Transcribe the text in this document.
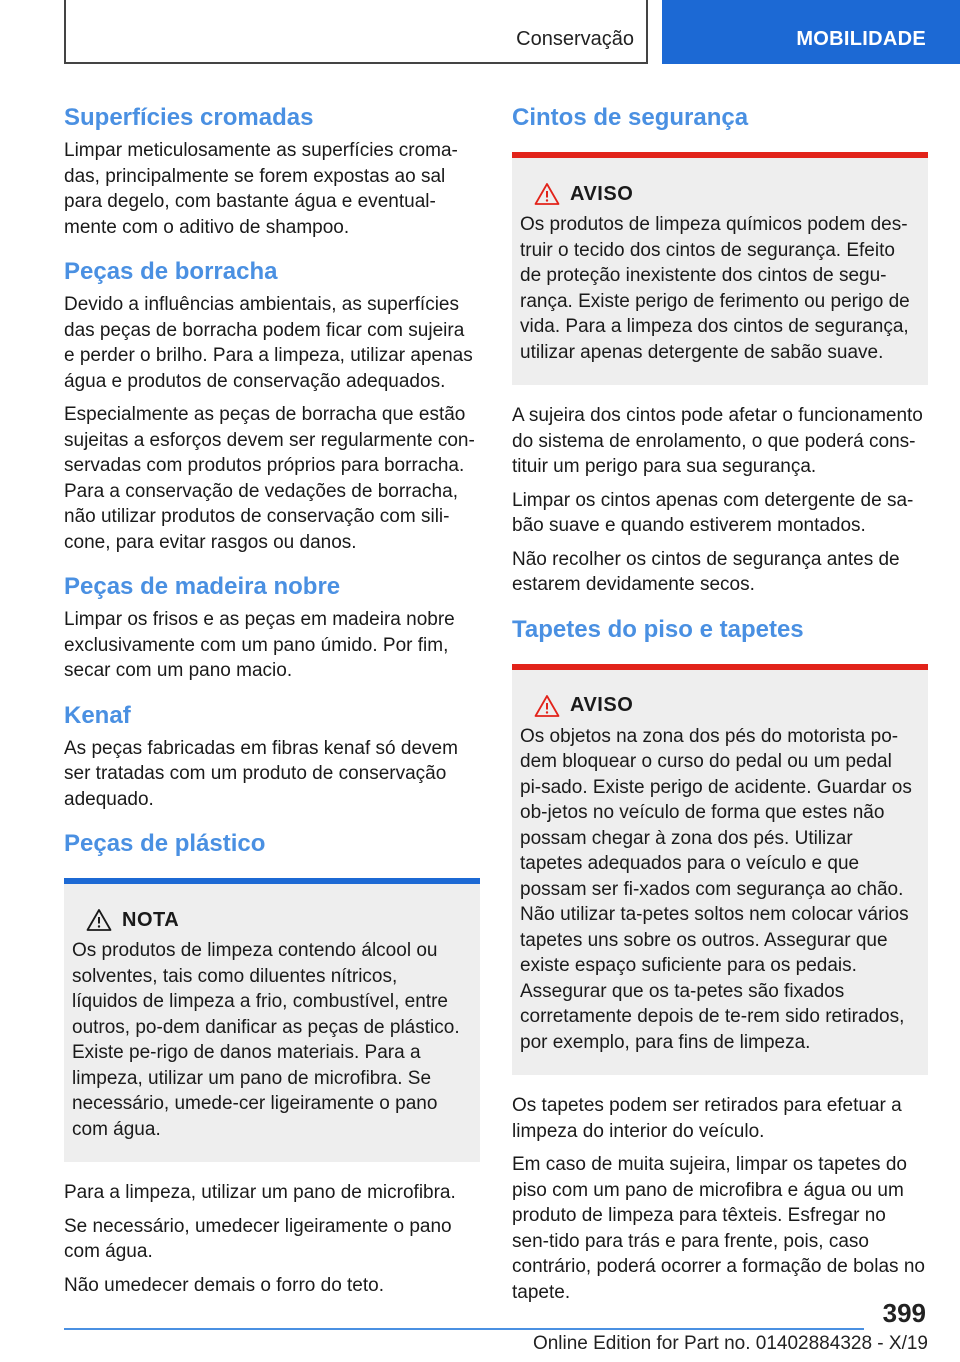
Conservação	MOBILIDADE
Superfícies cromadas

Limpar meticulosamente as superfícies croma-das, principalmente se forem expostas ao sal para degelo, com bastante água e eventual-mente com o aditivo de shampoo.

Peças de borracha

Devido a influências ambientais, as superfícies das peças de borracha podem ficar com sujeira e perder o brilho. Para a limpeza, utilizar apenas água e produtos de conservação adequados.

Especialmente as peças de borracha que estão sujeitas a esforços devem ser regularmente con-servadas com produtos próprios para borracha. Para a conservação de vedações de borracha, não utilizar produtos de conservação com sili-cone, para evitar rasgos ou danos.

Peças de madeira nobre

Limpar os frisos e as peças em madeira nobre exclusivamente com um pano úmido. Por fim, secar com um pano macio.

Kenaf

As peças fabricadas em fibras kenaf só devem ser tratadas com um produto de conservação adequado.

Peças de plástico
NOTA

Os produtos de limpeza contendo álcool ou solventes, tais como diluentes nítricos, líquidos de limpeza a frio, combustível, entre outros, po-dem danificar as peças de plástico. Existe pe-rigo de danos materiais. Para a limpeza, utilizar um pano de microfibra. Se necessário, umede-cer ligeiramente o pano com água.

Para a limpeza, utilizar um pano de microfibra.

Se necessário, umedecer ligeiramente o pano com água.

Não umedecer demais o forro do teto.

Cintos de segurança
AVISO

Os produtos de limpeza químicos podem des-truir o tecido dos cintos de segurança. Efeito de proteção inexistente dos cintos de segu-rança. Existe perigo de ferimento ou perigo de vida. Para a limpeza dos cintos de segurança, utilizar apenas detergente de sabão suave.

A sujeira dos cintos pode afetar o funcionamento do sistema de enrolamento, o que poderá cons-tituir um perigo para sua segurança.

Limpar os cintos apenas com detergente de sa-bão suave e quando estiverem montados.

Não recolher os cintos de segurança antes de estarem devidamente secos.

Tapetes do piso e tapetes
AVISO

Os objetos na zona dos pés do motorista po-dem bloquear o curso do pedal ou um pedal pi-sado. Existe perigo de acidente. Guardar os ob-jetos no veículo de forma que estes não possam chegar à zona dos pés. Utilizar tapetes adequados para o veículo e que possam ser fi-xados com segurança ao chão. Não utilizar ta-petes soltos nem colocar vários tapetes uns sobre os outros. Assegurar que existe espaço suficiente para os pedais. Assegurar que os ta-petes são fixados corretamente depois de te-rem sido retirados, por exemplo, para fins de limpeza.

Os tapetes podem ser retirados para efetuar a limpeza do interior do veículo.

Em caso de muita sujeira, limpar os tapetes do piso com um pano de microfibra e água ou um produto de limpeza para têxteis. Esfregar no sen-tido para trás e para frente, pois, caso contrário, poderá ocorrer a formação de bolas no tapete.

399
Online Edition for Part no. 01402884328 - X/19
